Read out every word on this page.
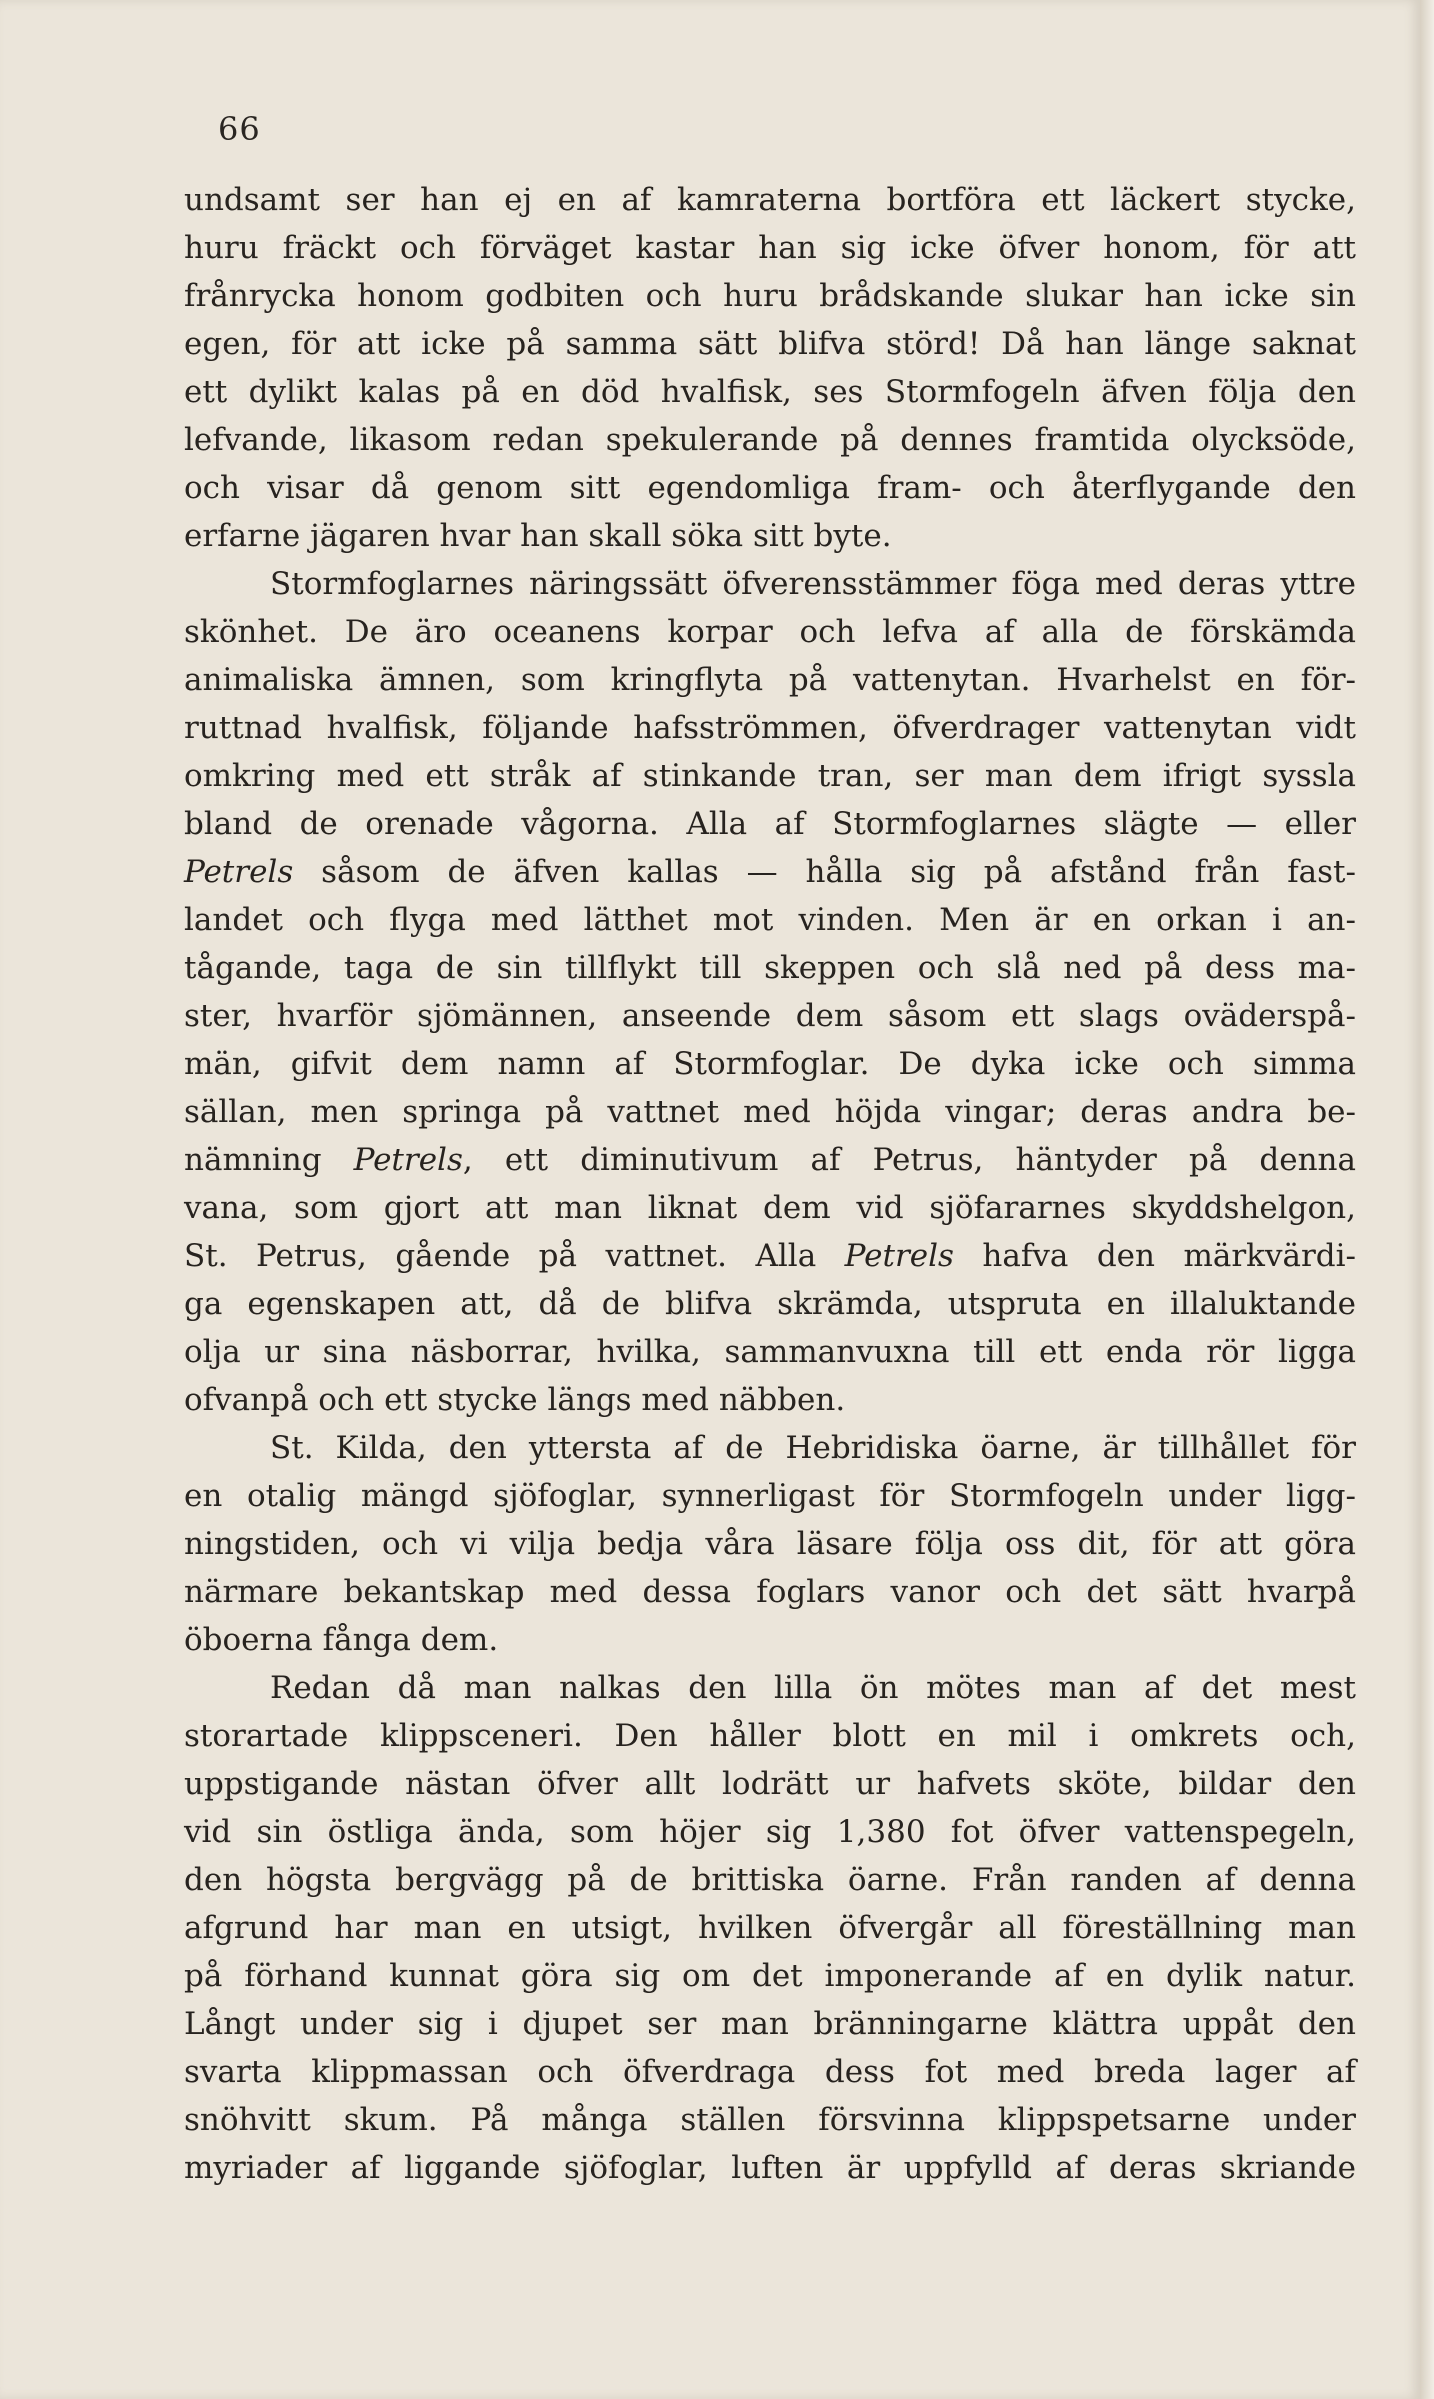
66
undsamt ser han ej en af kamraterna bortföra ett läckert stycke,
huru fräckt och förväget kastar han sig icke öfver honom, för att
frånrycka honom godbiten och huru brådskande slukar han icke sin
egen, för att icke på samma sätt blifva störd! Då han länge saknat
ett dylikt kalas på en död hvalfisk, ses Stormfogeln äfven följa den
lefvande, likasom redan spekulerande på dennes framtida olycksöde,
och visar då genom sitt egendomliga fram- och återflygande den
erfarne jägaren hvar han skall söka sitt byte.
Stormfoglarnes näringssätt öfverensstämmer föga med deras yttre
skönhet. De äro oceanens korpar och lefva af alla de förskämda
animaliska ämnen, som kringflyta på vattenytan. Hvarhelst en för-
ruttnad hvalfisk, följande hafsströmmen, öfverdrager vattenytan vidt
omkring med ett stråk af stinkande tran, ser man dem ifrigt syssla
bland de orenade vågorna. Alla af Stormfoglarnes slägte — eller
Petrels såsom de äfven kallas — hålla sig på afstånd från fast-
landet och flyga med lätthet mot vinden. Men är en orkan i an-
tågande, taga de sin tillflykt till skeppen och slå ned på dess ma-
ster, hvarför sjömännen, anseende dem såsom ett slags oväderspå-
män, gifvit dem namn af Stormfoglar. De dyka icke och simma
sällan, men springa på vattnet med höjda vingar; deras andra be-
nämning Petrels, ett diminutivum af Petrus, häntyder på denna
vana, som gjort att man liknat dem vid sjöfararnes skyddshelgon,
St. Petrus, gående på vattnet. Alla Petrels hafva den märkvärdi-
ga egenskapen att, då de blifva skrämda, utspruta en illaluktande
olja ur sina näsborrar, hvilka, sammanvuxna till ett enda rör ligga
ofvanpå och ett stycke längs med näbben.
St. Kilda, den yttersta af de Hebridiska öarne, är tillhållet för
en otalig mängd sjöfoglar, synnerligast för Stormfogeln under ligg-
ningstiden, och vi vilja bedja våra läsare följa oss dit, för att göra
närmare bekantskap med dessa foglars vanor och det sätt hvarpå
öboerna fånga dem.
Redan då man nalkas den lilla ön mötes man af det mest
storartade klippsceneri. Den håller blott en mil i omkrets och,
uppstigande nästan öfver allt lodrätt ur hafvets sköte, bildar den
vid sin östliga ända, som höjer sig 1,380 fot öfver vattenspegeln,
den högsta bergvägg på de brittiska öarne. Från randen af denna
afgrund har man en utsigt, hvilken öfvergår all föreställning man
på förhand kunnat göra sig om det imponerande af en dylik natur.
Långt under sig i djupet ser man bränningarne klättra uppåt den
svarta klippmassan och öfverdraga dess fot med breda lager af
snöhvitt skum. På många ställen försvinna klippspetsarne under
myriader af liggande sjöfoglar, luften är uppfylld af deras skriande
